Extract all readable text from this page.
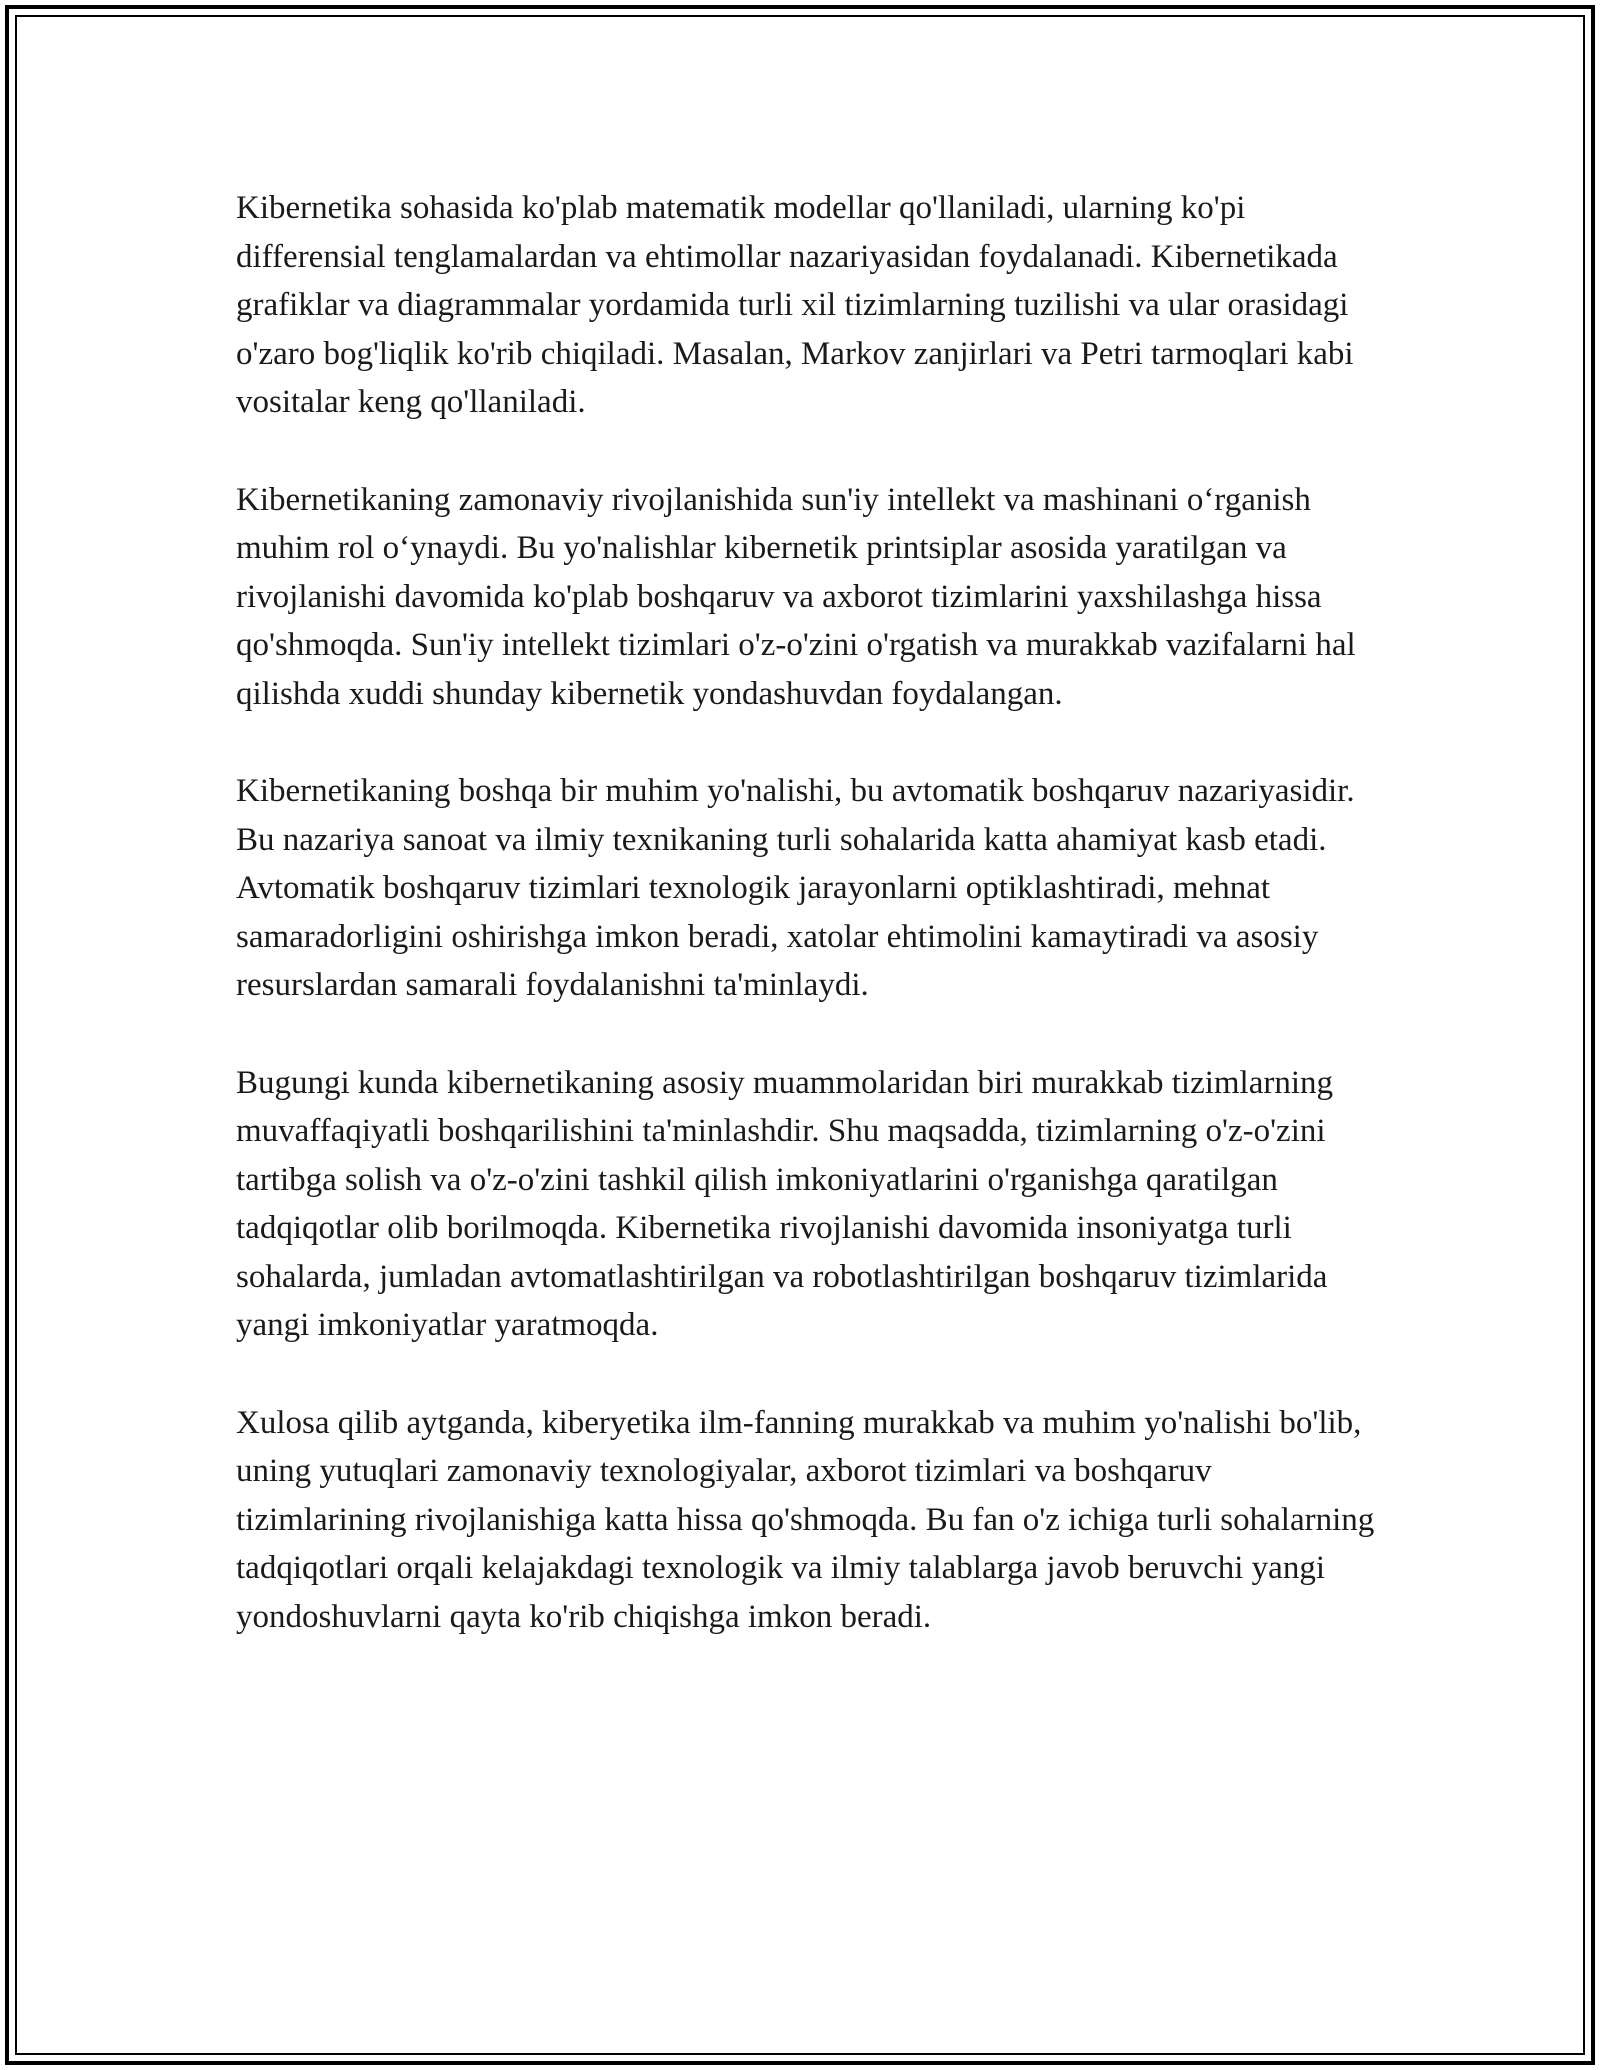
Kibernetika sohasida ko'plab matematik modellar qo'llaniladi, ularning ko'pi differensial tenglamalardan va ehtimollar nazariyasidan foydalanadi. Kibernetikada grafiklar va diagrammalar yordamida turli xil tizimlarning tuzilishi va ular orasidagi o'zaro bog'liqlik ko'rib chiqiladi. Masalan, Markov zanjirlari va Petri tarmoqlari kabi vositalar keng qo'llaniladi.

Kibernetikaning zamonaviy rivojlanishida sun'iy intellekt va mashinani o‘rganish muhim rol o‘ynaydi. Bu yo'nalishlar kibernetik printsiplar asosida yaratilgan va rivojlanishi davomida ko'plab boshqaruv va axborot tizimlarini yaxshilashga hissa qo'shmoqda. Sun'iy intellekt tizimlari o'z-o'zini o'rgatish va murakkab vazifalarni hal qilishda xuddi shunday kibernetik yondashuvdan foydalangan.

Kibernetikaning boshqa bir muhim yo'nalishi, bu avtomatik boshqaruv nazariyasidir. Bu nazariya sanoat va ilmiy texnikaning turli sohalarida katta ahamiyat kasb etadi. Avtomatik boshqaruv tizimlari texnologik jarayonlarni optiklashtiradi, mehnat samaradorligini oshirishga imkon beradi, xatolar ehtimolini kamaytiradi va asosiy resurslardan samarali foydalanishni ta'minlaydi.

Bugungi kunda kibernetikaning asosiy muammolaridan biri murakkab tizimlarning muvaffaqiyatli boshqarilishini ta'minlashdir. Shu maqsadda, tizimlarning o'z-o'zini tartibga solish va o'z-o'zini tashkil qilish imkoniyatlarini o'rganishga qaratilgan tadqiqotlar olib borilmoqda. Kibernetika rivojlanishi davomida insoniyatga turli sohalarda, jumladan avtomatlashtirilgan va robotlashtirilgan boshqaruv tizimlarida yangi imkoniyatlar yaratmoqda.

Xulosa qilib aytganda, kiberyetika ilm-fanning murakkab va muhim yo'nalishi bo'lib, uning yutuqlari zamonaviy texnologiyalar, axborot tizimlari va boshqaruv tizimlarining rivojlanishiga katta hissa qo'shmoqda. Bu fan o'z ichiga turli sohalarning tadqiqotlari orqali kelajakdagi texnologik va ilmiy talablarga javob beruvchi yangi yondoshuvlarni qayta ko'rib chiqishga imkon beradi.
